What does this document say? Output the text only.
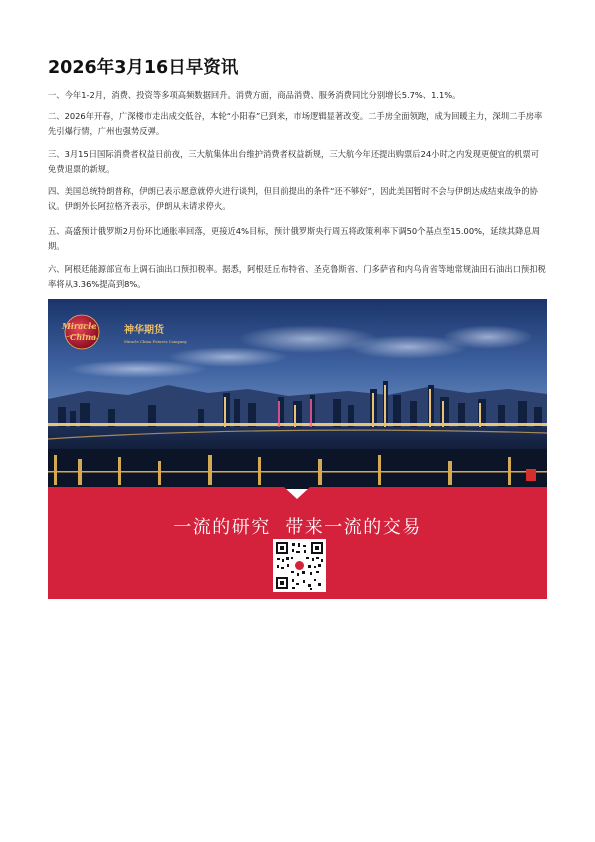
2026年3月16日早资讯

一、今年1-2月，消费、投资等多项高频数据回升。消费方面，商品消费、服务消费同比分别增长5.7%、1.1%。

二、2026年开春，广深楼市走出成交低谷，本轮“小阳春”已到来，市场逻辑显著改变。二手房全面领跑，成为回暖主力，深圳二手房率先引爆行情，广州也强势反弹。

三、3月15日国际消费者权益日前夜，三大航集体出台维护消费者权益新规，三大航今年还提出购票后24小时之内发现更便宜的机票可免费退票的新规。

四、美国总统特朗普称，伊朗已表示愿意就停火进行谈判，但目前提出的条件“还不够好”，因此美国暂时不会与伊朗达成结束战争的协议。伊朗外长阿拉格齐表示，伊朗从未请求停火。

五、高盛预计俄罗斯2月份环比通胀率回落，更接近4%目标，预计俄罗斯央行周五将政策利率下调50个基点至15.00%，延续其降息周期。

六、阿根廷能源部宣布上调石油出口预扣税率。据悉，阿根廷丘布特省、圣克鲁斯省、门多萨省和内乌肯省等地常规油田石油出口预扣税率将从3.36%提高到8%。

Miracle
China
神华期货
Miracle China Futures Company
一流的研究  带来一流的交易
